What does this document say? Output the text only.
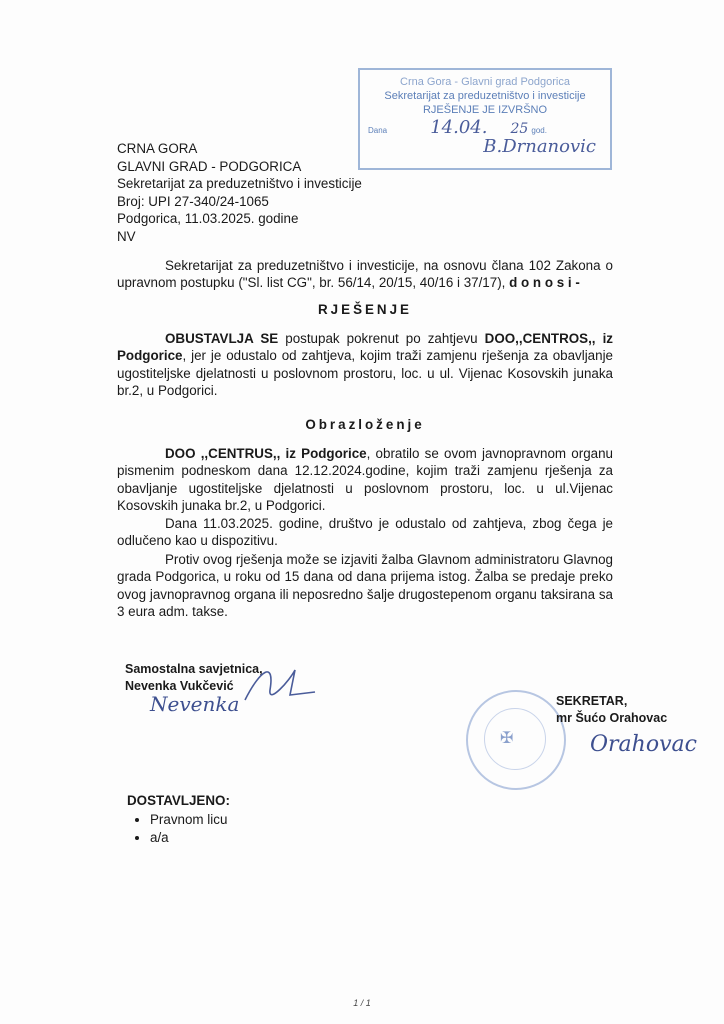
Crna Gora - Glavni grad Podgorica
Sekretarijat za preduzetništvo i investicije
RJEŠENJE JE IZVRŠNO
Dana 14.04. 25 god.
B.Drnanovic
CRNA GORA
GLAVNI GRAD - PODGORICA
Sekretarijat za preduzetništvo i investicije
Broj: UPI 27-340/24-1065
Podgorica, 11.03.2025. godine
NV
Sekretarijat za preduzetništvo i investicije, na osnovu člana 102 Zakona o upravnom postupku ("Sl. list CG", br. 56/14, 20/15, 40/16 i 37/17), d o n o s i -
RJEŠENJE
OBUSTAVLJA SE postupak pokrenut po zahtjevu DOO,,CENTROS,, iz Podgorice, jer je odustalo od zahtjeva, kojim traži zamjenu rješenja za obavljanje ugostiteljske djelatnosti u poslovnom prostoru, loc. u ul. Vijenac Kosovskih junaka br.2, u Podgorici.
Obrazloženje
DOO ,,CENTRUS,, iz Podgorice, obratilo se ovom javnopravnom organu pismenim podneskom dana 12.12.2024.godine, kojim traži zamjenu rješenja za obavljanje ugostiteljske djelatnosti u poslovnom prostoru, loc. u ul.Vijenac Kosovskih junaka br.2, u Podgorici.
Dana 11.03.2025. godine, društvo je odustalo od zahtjeva, zbog čega je odlučeno kao u dispozitivu.
Protiv ovog rješenja može se izjaviti žalba Glavnom administratoru Glavnog grada Podgorica, u roku od 15 dana od dana prijema istog. Žalba se predaje preko ovog javnopravnog organa ili neposredno šalje drugostepenom organu taksirana sa 3 eura adm. takse.
Samostalna savjetnica,
Nevenka Vukčević
Nevenka
✠
SEKRETAR,
mr Šućo Orahovac
Orahovac
DOSTAVLJENO:
• Pravnom licu
• a/a
1 / 1
